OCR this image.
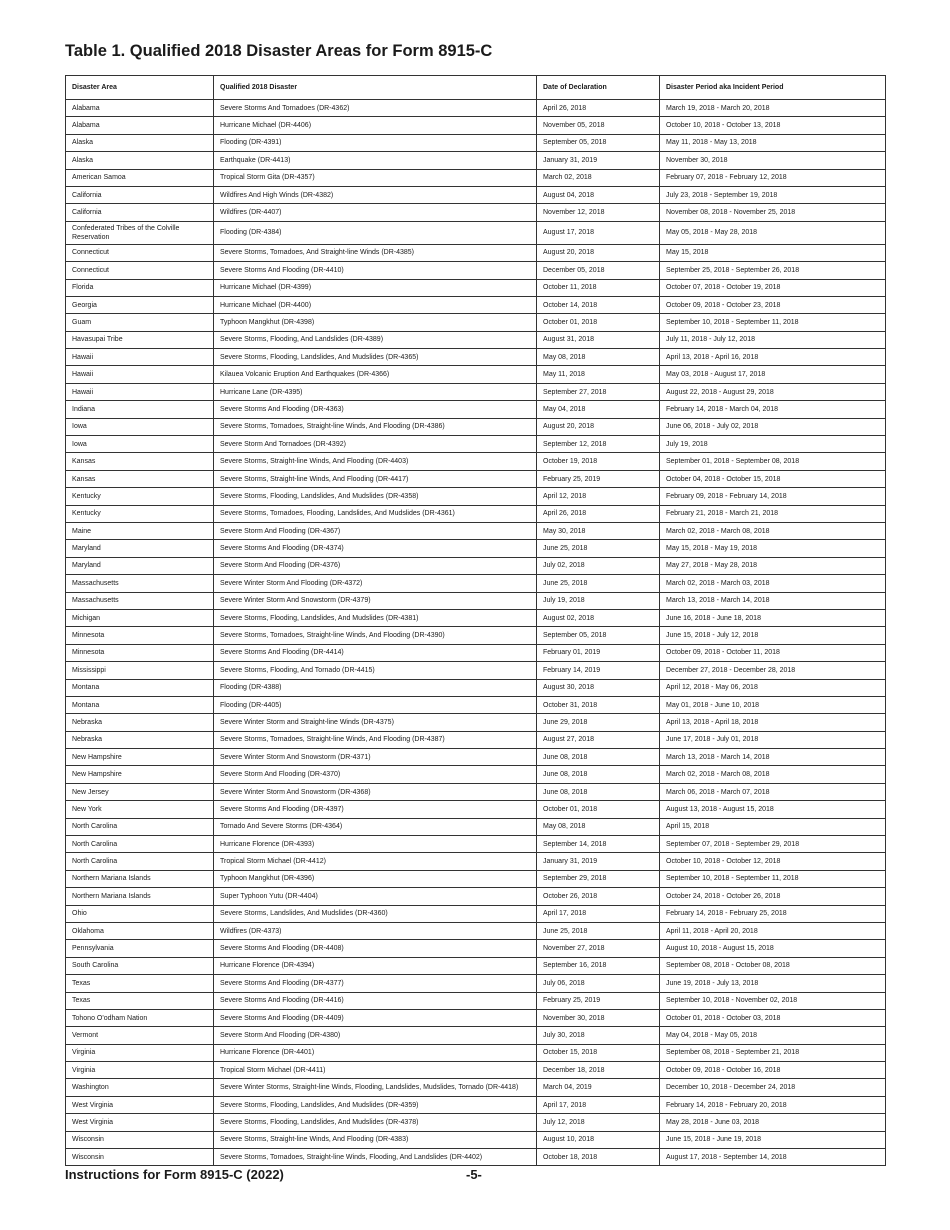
Table 1. Qualified 2018 Disaster Areas for Form 8915-C
Disaster Area	Qualified 2018 Disaster	Date of Declaration	Disaster Period aka Incident Period
Alabama	Severe Storms And Tornadoes (DR-4362)	April 26, 2018	March 19, 2018 - March 20, 2018
Alabama	Hurricane Michael (DR-4406)	November 05, 2018	October 10, 2018 - October 13, 2018
Alaska	Flooding (DR-4391)	September 05, 2018	May 11, 2018 - May 13, 2018
Alaska	Earthquake (DR-4413)	January 31, 2019	November 30, 2018
American Samoa	Tropical Storm Gita (DR-4357)	March 02, 2018	February 07, 2018 - February 12, 2018
California	Wildfires And High Winds (DR-4382)	August 04, 2018	July 23, 2018 - September 19, 2018
California	Wildfires (DR-4407)	November 12, 2018	November 08, 2018 - November 25, 2018
Confederated Tribes of the Colville Reservation	Flooding (DR-4384)	August 17, 2018	May 05, 2018 - May 28, 2018
Connecticut	Severe Storms, Tornadoes, And Straight-line Winds (DR-4385)	August 20, 2018	May 15, 2018
Connecticut	Severe Storms And Flooding (DR-4410)	December 05, 2018	September 25, 2018 - September 26, 2018
Florida	Hurricane Michael (DR-4399)	October 11, 2018	October 07, 2018 - October 19, 2018
Georgia	Hurricane Michael (DR-4400)	October 14, 2018	October 09, 2018 - October 23, 2018
Guam	Typhoon Mangkhut (DR-4398)	October 01, 2018	September 10, 2018 - September 11, 2018
Havasupai Tribe	Severe Storms, Flooding, And Landslides (DR-4389)	August 31, 2018	July 11, 2018 - July 12, 2018
Hawaii	Severe Storms, Flooding, Landslides, And Mudslides (DR-4365)	May 08, 2018	April 13, 2018 - April 16, 2018
Hawaii	Kilauea Volcanic Eruption And Earthquakes (DR-4366)	May 11, 2018	May 03, 2018 - August 17, 2018
Hawaii	Hurricane Lane (DR-4395)	September 27, 2018	August 22, 2018 - August 29, 2018
Indiana	Severe Storms And Flooding (DR-4363)	May 04, 2018	February 14, 2018 - March 04, 2018
Iowa	Severe Storms, Tornadoes, Straight-line Winds, And Flooding (DR-4386)	August 20, 2018	June 06, 2018 - July 02, 2018
Iowa	Severe Storm And Tornadoes (DR-4392)	September 12, 2018	July 19, 2018
Kansas	Severe Storms, Straight-line Winds, And Flooding (DR-4403)	October 19, 2018	September 01, 2018 - September 08, 2018
Kansas	Severe Storms, Straight-line Winds, And Flooding (DR-4417)	February 25, 2019	October 04, 2018 - October 15, 2018
Kentucky	Severe Storms, Flooding, Landslides, And Mudslides (DR-4358)	April 12, 2018	February 09, 2018 - February 14, 2018
Kentucky	Severe Storms, Tornadoes, Flooding, Landslides, And Mudslides (DR-4361)	April 26, 2018	February 21, 2018 - March 21, 2018
Maine	Severe Storm And Flooding (DR-4367)	May 30, 2018	March 02, 2018 - March 08, 2018
Maryland	Severe Storms And Flooding (DR-4374)	June 25, 2018	May 15, 2018 - May 19, 2018
Maryland	Severe Storm And Flooding (DR-4376)	July 02, 2018	May 27, 2018 - May 28, 2018
Massachusetts	Severe Winter Storm And Flooding (DR-4372)	June 25, 2018	March 02, 2018 - March 03, 2018
Massachusetts	Severe Winter Storm And Snowstorm (DR-4379)	July 19, 2018	March 13, 2018 - March 14, 2018
Michigan	Severe Storms, Flooding, Landslides, And Mudslides (DR-4381)	August 02, 2018	June 16, 2018 - June 18, 2018
Minnesota	Severe Storms, Tornadoes, Straight-line Winds, And Flooding (DR-4390)	September 05, 2018	June 15, 2018 - July 12, 2018
Minnesota	Severe Storms And Flooding (DR-4414)	February 01, 2019	October 09, 2018 - October 11, 2018
Mississippi	Severe Storms, Flooding, And Tornado (DR-4415)	February 14, 2019	December 27, 2018 - December 28, 2018
Montana	Flooding (DR-4388)	August 30, 2018	April 12, 2018 - May 06, 2018
Montana	Flooding (DR-4405)	October 31, 2018	May 01, 2018 - June 10, 2018
Nebraska	Severe Winter Storm and Straight-line Winds (DR-4375)	June 29, 2018	April 13, 2018 - April 18, 2018
Nebraska	Severe Storms, Tornadoes, Straight-line Winds, And Flooding (DR-4387)	August 27, 2018	June 17, 2018 - July 01, 2018
New Hampshire	Severe Winter Storm And Snowstorm (DR-4371)	June 08, 2018	March 13, 2018 - March 14, 2018
New Hampshire	Severe Storm And Flooding (DR-4370)	June 08, 2018	March 02, 2018 - March 08, 2018
New Jersey	Severe Winter Storm And Snowstorm (DR-4368)	June 08, 2018	March 06, 2018 - March 07, 2018
New York	Severe Storms And Flooding (DR-4397)	October 01, 2018	August 13, 2018 - August 15, 2018
North Carolina	Tornado And Severe Storms (DR-4364)	May 08, 2018	April 15, 2018
North Carolina	Hurricane Florence (DR-4393)	September 14, 2018	September 07, 2018 - September 29, 2018
North Carolina	Tropical Storm Michael (DR-4412)	January 31, 2019	October 10, 2018 - October 12, 2018
Northern Mariana Islands	Typhoon Mangkhut (DR-4396)	September 29, 2018	September 10, 2018 - September 11, 2018
Northern Mariana Islands	Super Typhoon Yutu (DR-4404)	October 26, 2018	October 24, 2018 - October 26, 2018
Ohio	Severe Storms, Landslides, And Mudslides (DR-4360)	April 17, 2018	February 14, 2018 - February 25, 2018
Oklahoma	Wildfires (DR-4373)	June 25, 2018	April 11, 2018 - April 20, 2018
Pennsylvania	Severe Storms And Flooding (DR-4408)	November 27, 2018	August 10, 2018 - August 15, 2018
South Carolina	Hurricane Florence (DR-4394)	September 16, 2018	September 08, 2018 - October 08, 2018
Texas	Severe Storms And Flooding (DR-4377)	July 06, 2018	June 19, 2018 - July 13, 2018
Texas	Severe Storms And Flooding (DR-4416)	February 25, 2019	September 10, 2018 - November 02, 2018
Tohono O'odham Nation	Severe Storms And Flooding (DR-4409)	November 30, 2018	October 01, 2018 - October 03, 2018
Vermont	Severe Storm And Flooding (DR-4380)	July 30, 2018	May 04, 2018 - May 05, 2018
Virginia	Hurricane Florence (DR-4401)	October 15, 2018	September 08, 2018 - September 21, 2018
Virginia	Tropical Storm Michael (DR-4411)	December 18, 2018	October 09, 2018 - October 16, 2018
Washington	Severe Winter Storms, Straight-line Winds, Flooding, Landslides, Mudslides, Tornado (DR-4418)	March 04, 2019	December 10, 2018 - December 24, 2018
West Virginia	Severe Storms, Flooding, Landslides, And Mudslides (DR-4359)	April 17, 2018	February 14, 2018 - February 20, 2018
West Virginia	Severe Storms, Flooding, Landslides, And Mudslides (DR-4378)	July 12, 2018	May 28, 2018 - June 03, 2018
Wisconsin	Severe Storms, Straight-line Winds, And Flooding (DR-4383)	August 10, 2018	June 15, 2018 - June 19, 2018
Wisconsin	Severe Storms, Tornadoes, Straight-line Winds, Flooding, And Landslides (DR-4402)	October 18, 2018	August 17, 2018 - September 14, 2018
Instructions for Form 8915-C (2022)	-5-
